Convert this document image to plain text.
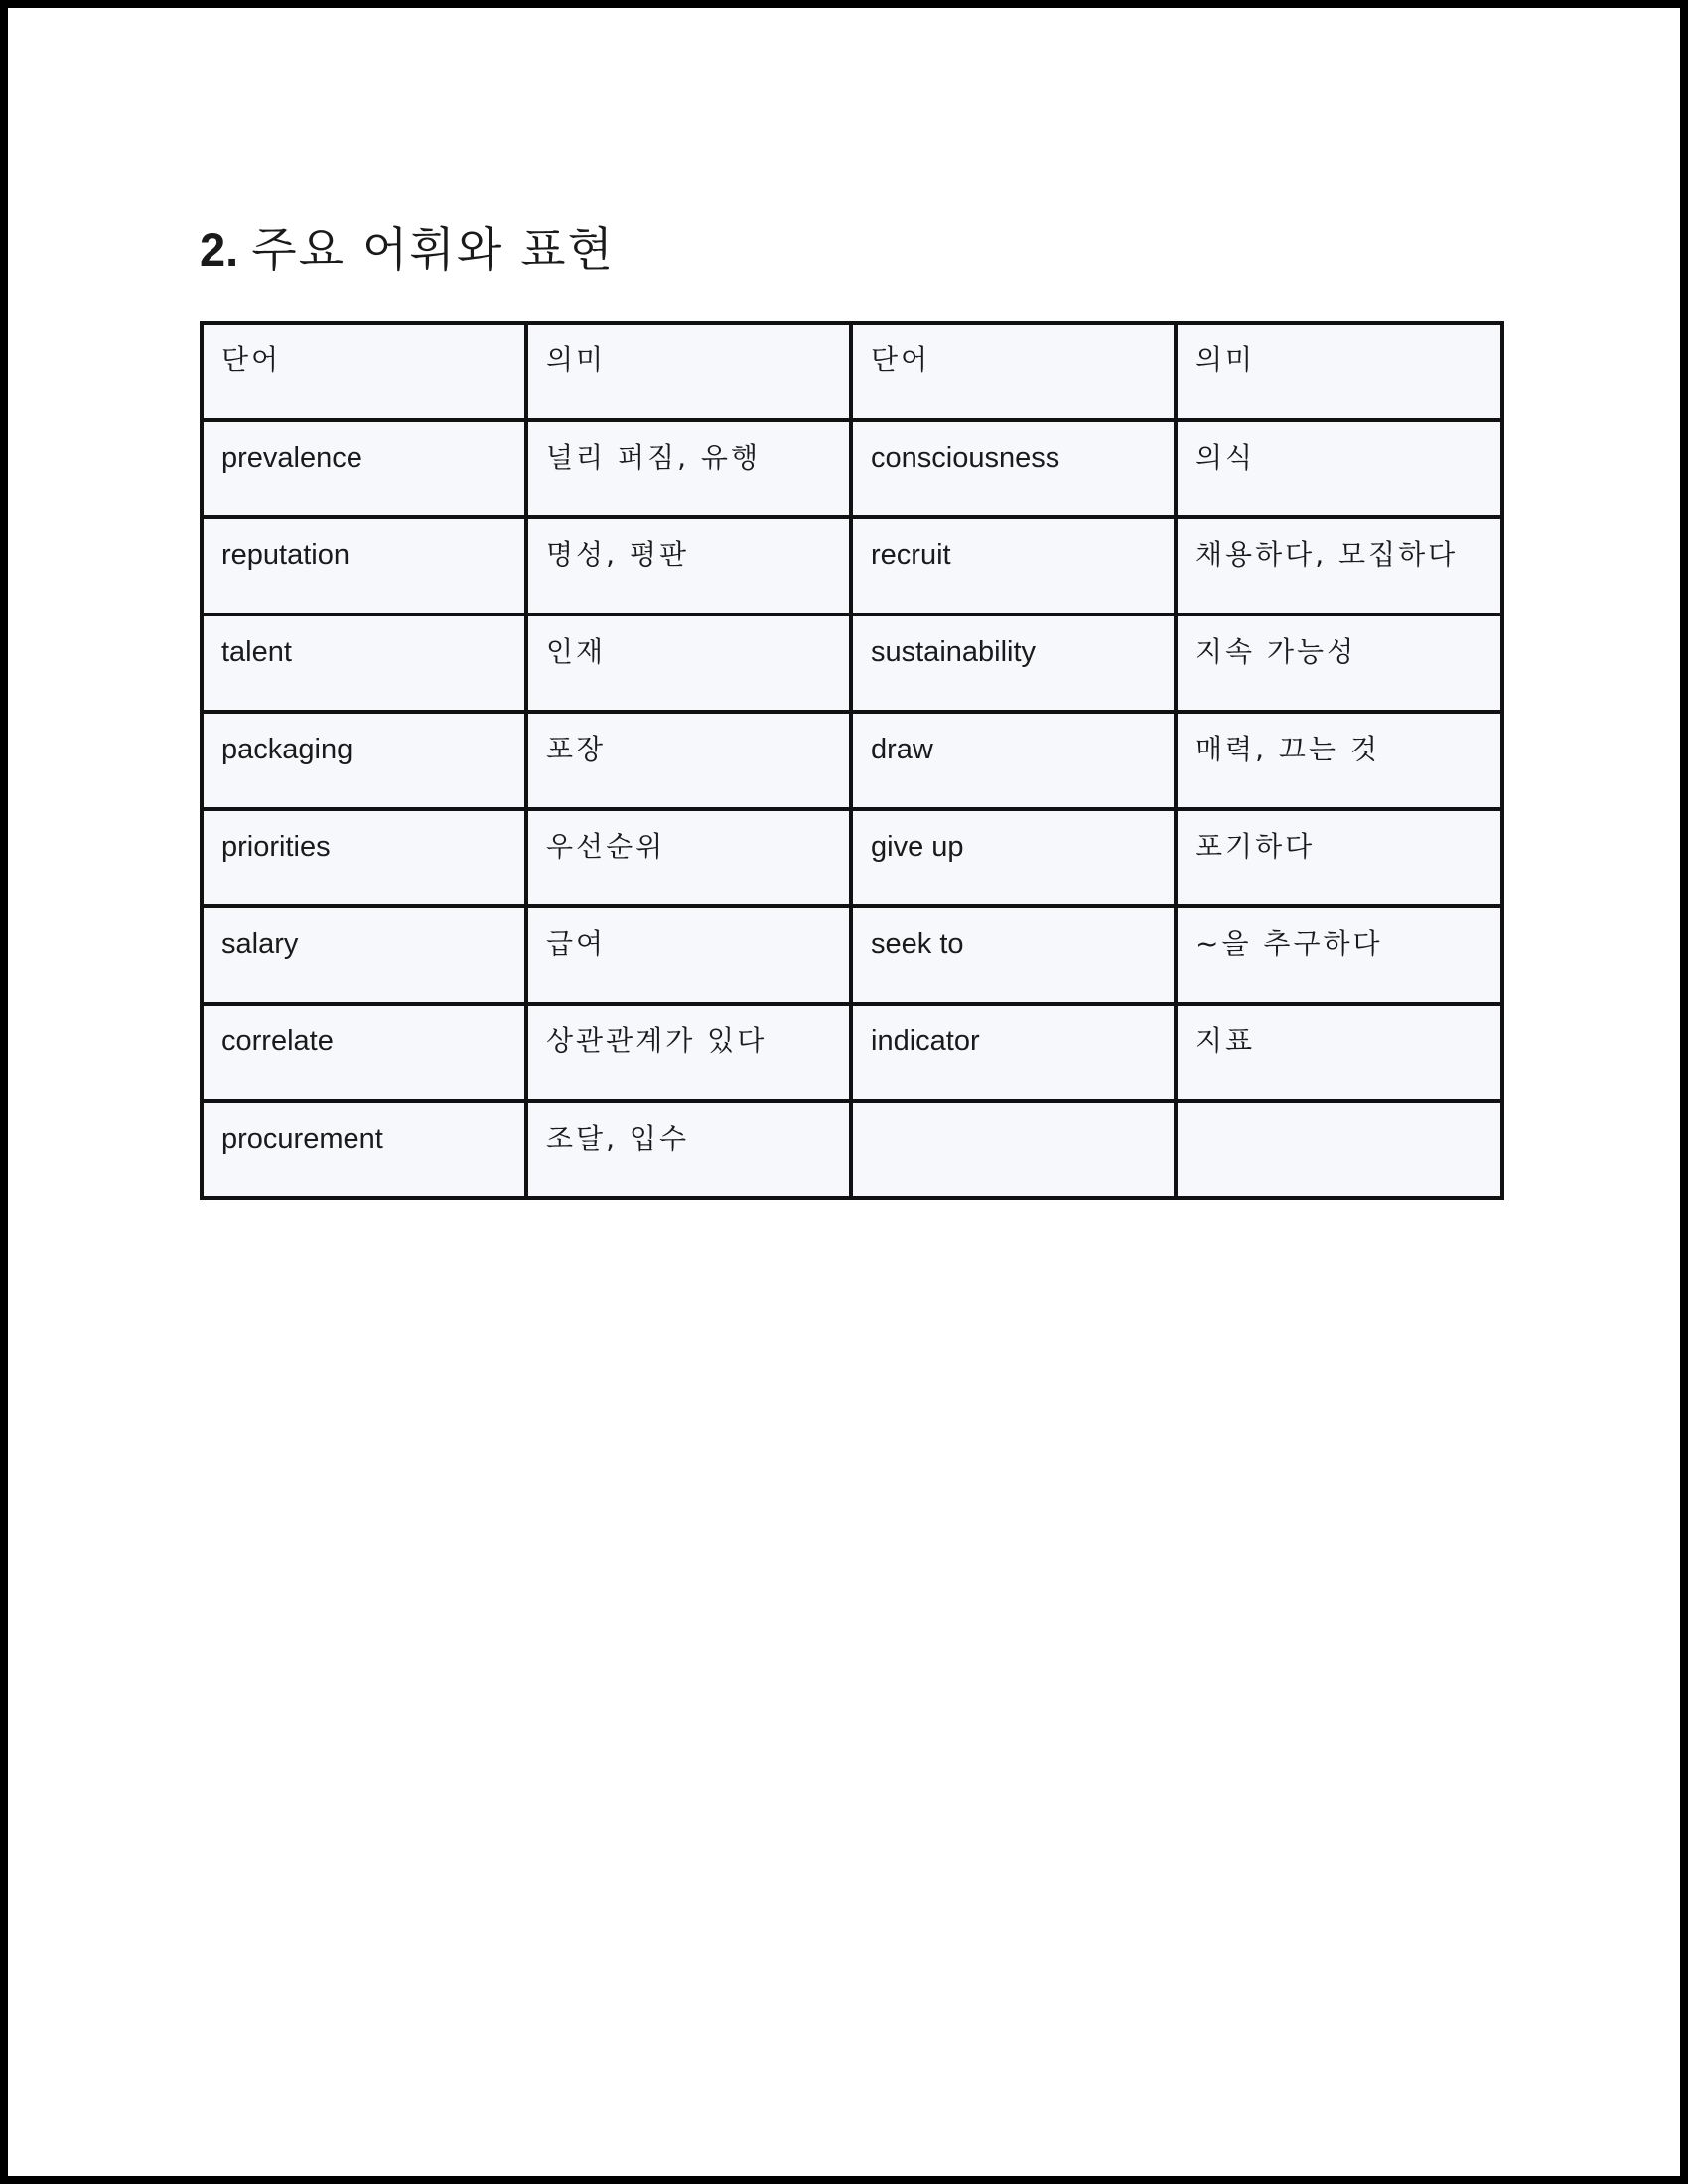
2. 주요 어휘와 표현
단어	의미	단어	의미

prevalence	널리 퍼짐, 유행	consciousness	의식

reputation	명성, 평판	recruit	채용하다, 모집하다

talent	인재	sustainability	지속 가능성

packaging	포장	draw	매력, 끄는 것

priorities	우선순위	give up	포기하다

salary	급여	seek to	~을 추구하다

correlate	상관관계가 있다	indicator	지표

procurement	조달, 입수		
